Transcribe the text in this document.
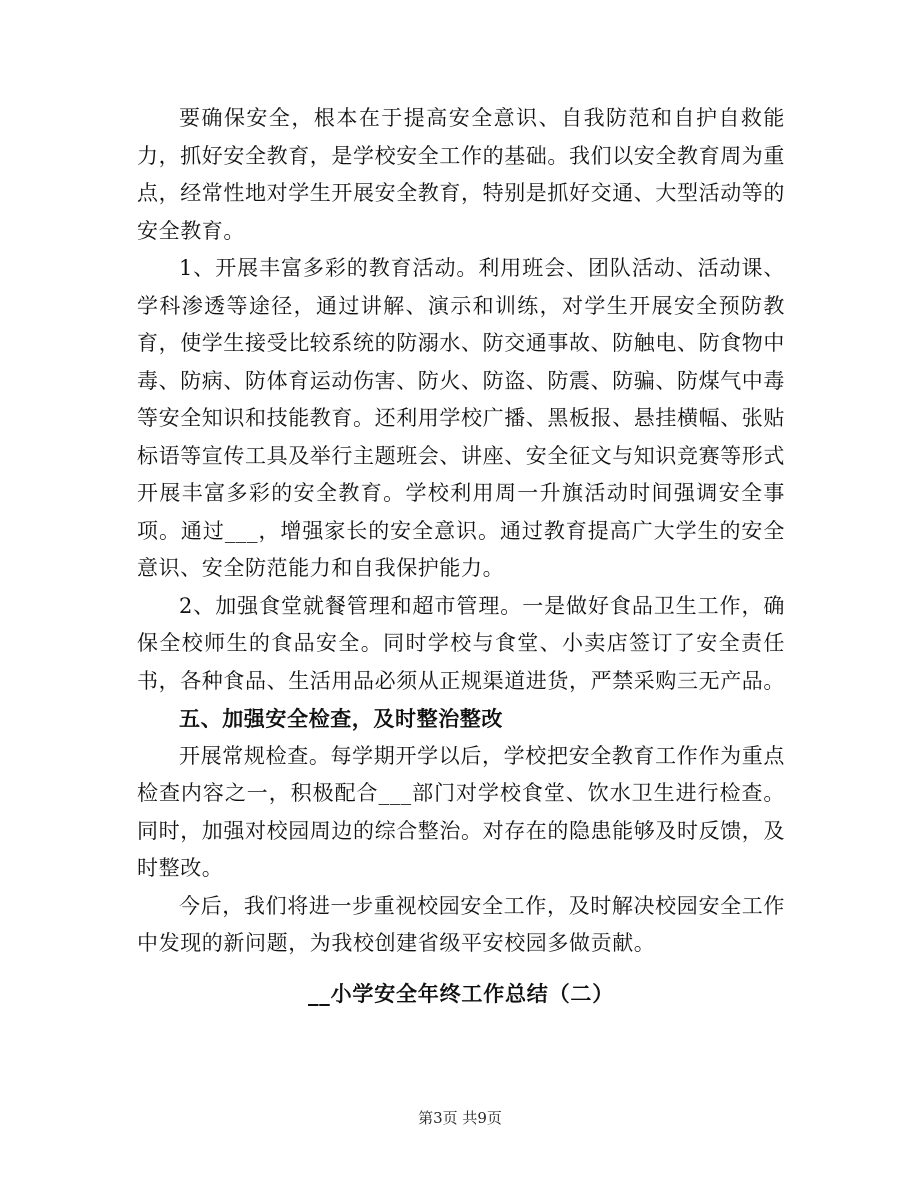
要确保安全，根本在于提高安全意识、自我防范和自护自救能力，抓好安全教育，是学校安全工作的基础。我们以安全教育周为重点，经常性地对学生开展安全教育，特别是抓好交通、大型活动等的安全教育。

1、开展丰富多彩的教育活动。利用班会、团队活动、活动课、学科渗透等途径，通过讲解、演示和训练，对学生开展安全预防教育，使学生接受比较系统的防溺水、防交通事故、防触电、防食物中毒、防病、防体育运动伤害、防火、防盗、防震、防骗、防煤气中毒等安全知识和技能教育。还利用学校广播、黑板报、悬挂横幅、张贴标语等宣传工具及举行主题班会、讲座、安全征文与知识竞赛等形式开展丰富多彩的安全教育。学校利用周一升旗活动时间强调安全事项。通过___，增强家长的安全意识。通过教育提高广大学生的安全意识、安全防范能力和自我保护能力。

2、加强食堂就餐管理和超市管理。一是做好食品卫生工作，确保全校师生的食品安全。同时学校与食堂、小卖店签订了安全责任书，各种食品、生活用品必须从正规渠道进货，严禁采购三无产品。

五、加强安全检查，及时整治整改

开展常规检查。每学期开学以后，学校把安全教育工作作为重点检查内容之一，积极配合___部门对学校食堂、饮水卫生进行检查。同时，加强对校园周边的综合整治。对存在的隐患能够及时反馈，及时整改。

今后，我们将进一步重视校园安全工作，及时解决校园安全工作中发现的新问题，为我校创建省级平安校园多做贡献。

__小学安全年终工作总结（二）

第3页 共9页
